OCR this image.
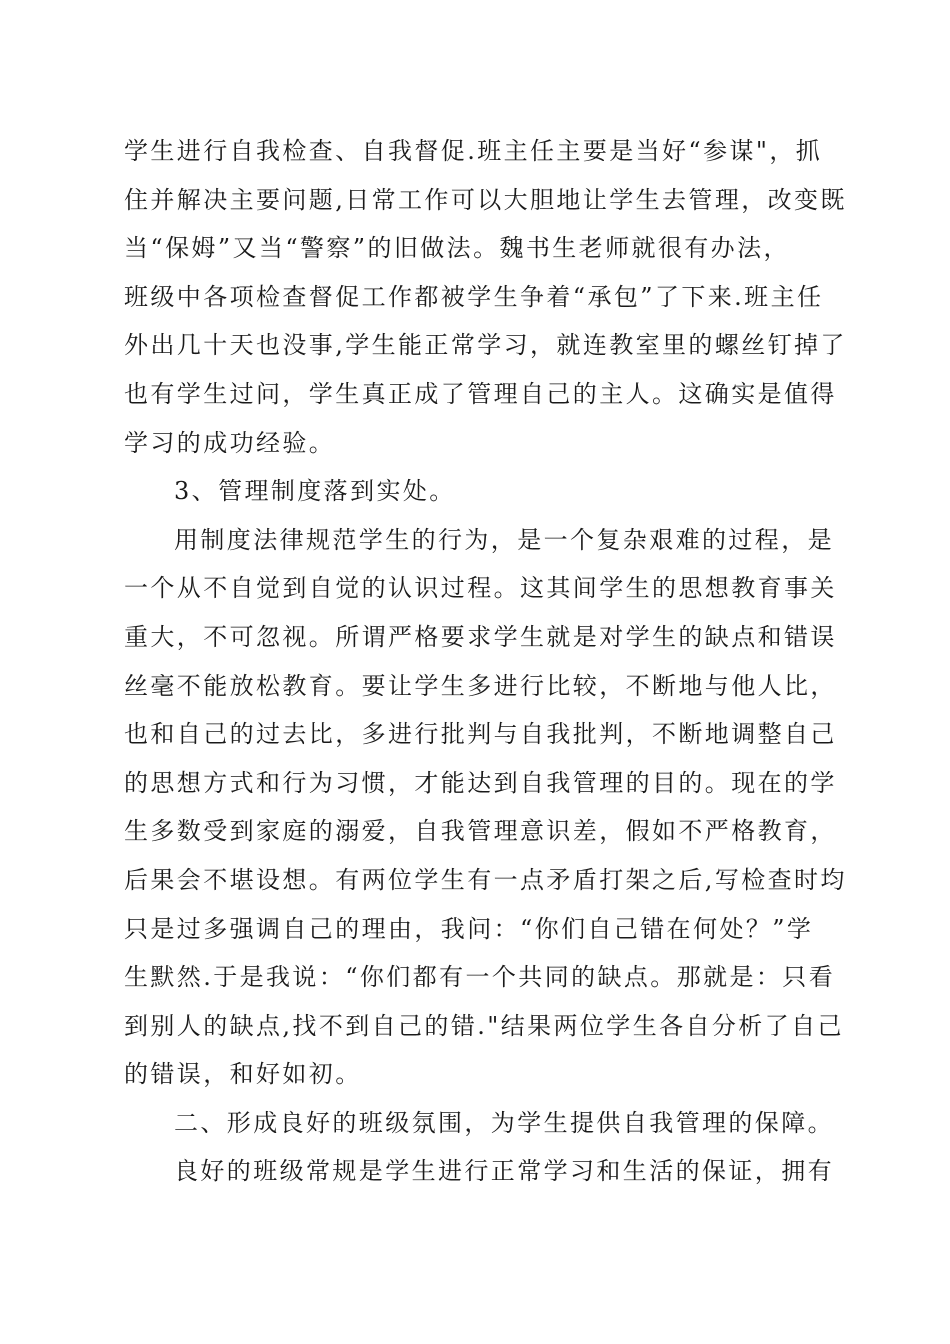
学生进行自我检查、自我督促.班主任主要是当好“参谋"，抓
住并解决主要问题,日常工作可以大胆地让学生去管理，改变既
当“保姆”又当“警察”的旧做法。魏书生老师就很有办法，
班级中各项检查督促工作都被学生争着“承包”了下来.班主任
外出几十天也没事,学生能正常学习，就连教室里的螺丝钉掉了
也有学生过问，学生真正成了管理自己的主人。这确实是值得
学习的成功经验。
3、管理制度落到实处。
用制度法律规范学生的行为，是一个复杂艰难的过程，是
一个从不自觉到自觉的认识过程。这其间学生的思想教育事关
重大，不可忽视。所谓严格要求学生就是对学生的缺点和错误
丝毫不能放松教育。要让学生多进行比较，不断地与他人比，
也和自己的过去比，多进行批判与自我批判，不断地调整自己
的思想方式和行为习惯，才能达到自我管理的目的。现在的学
生多数受到家庭的溺爱，自我管理意识差，假如不严格教育，
后果会不堪设想。有两位学生有一点矛盾打架之后,写检查时均
只是过多强调自己的理由，我问：“你们自己错在何处？”学
生默然.于是我说：“你们都有一个共同的缺点。那就是：只看
到别人的缺点,找不到自己的错."结果两位学生各自分析了自己
的错误，和好如初。
二、形成良好的班级氛围，为学生提供自我管理的保障。
良好的班级常规是学生进行正常学习和生活的保证，拥有
